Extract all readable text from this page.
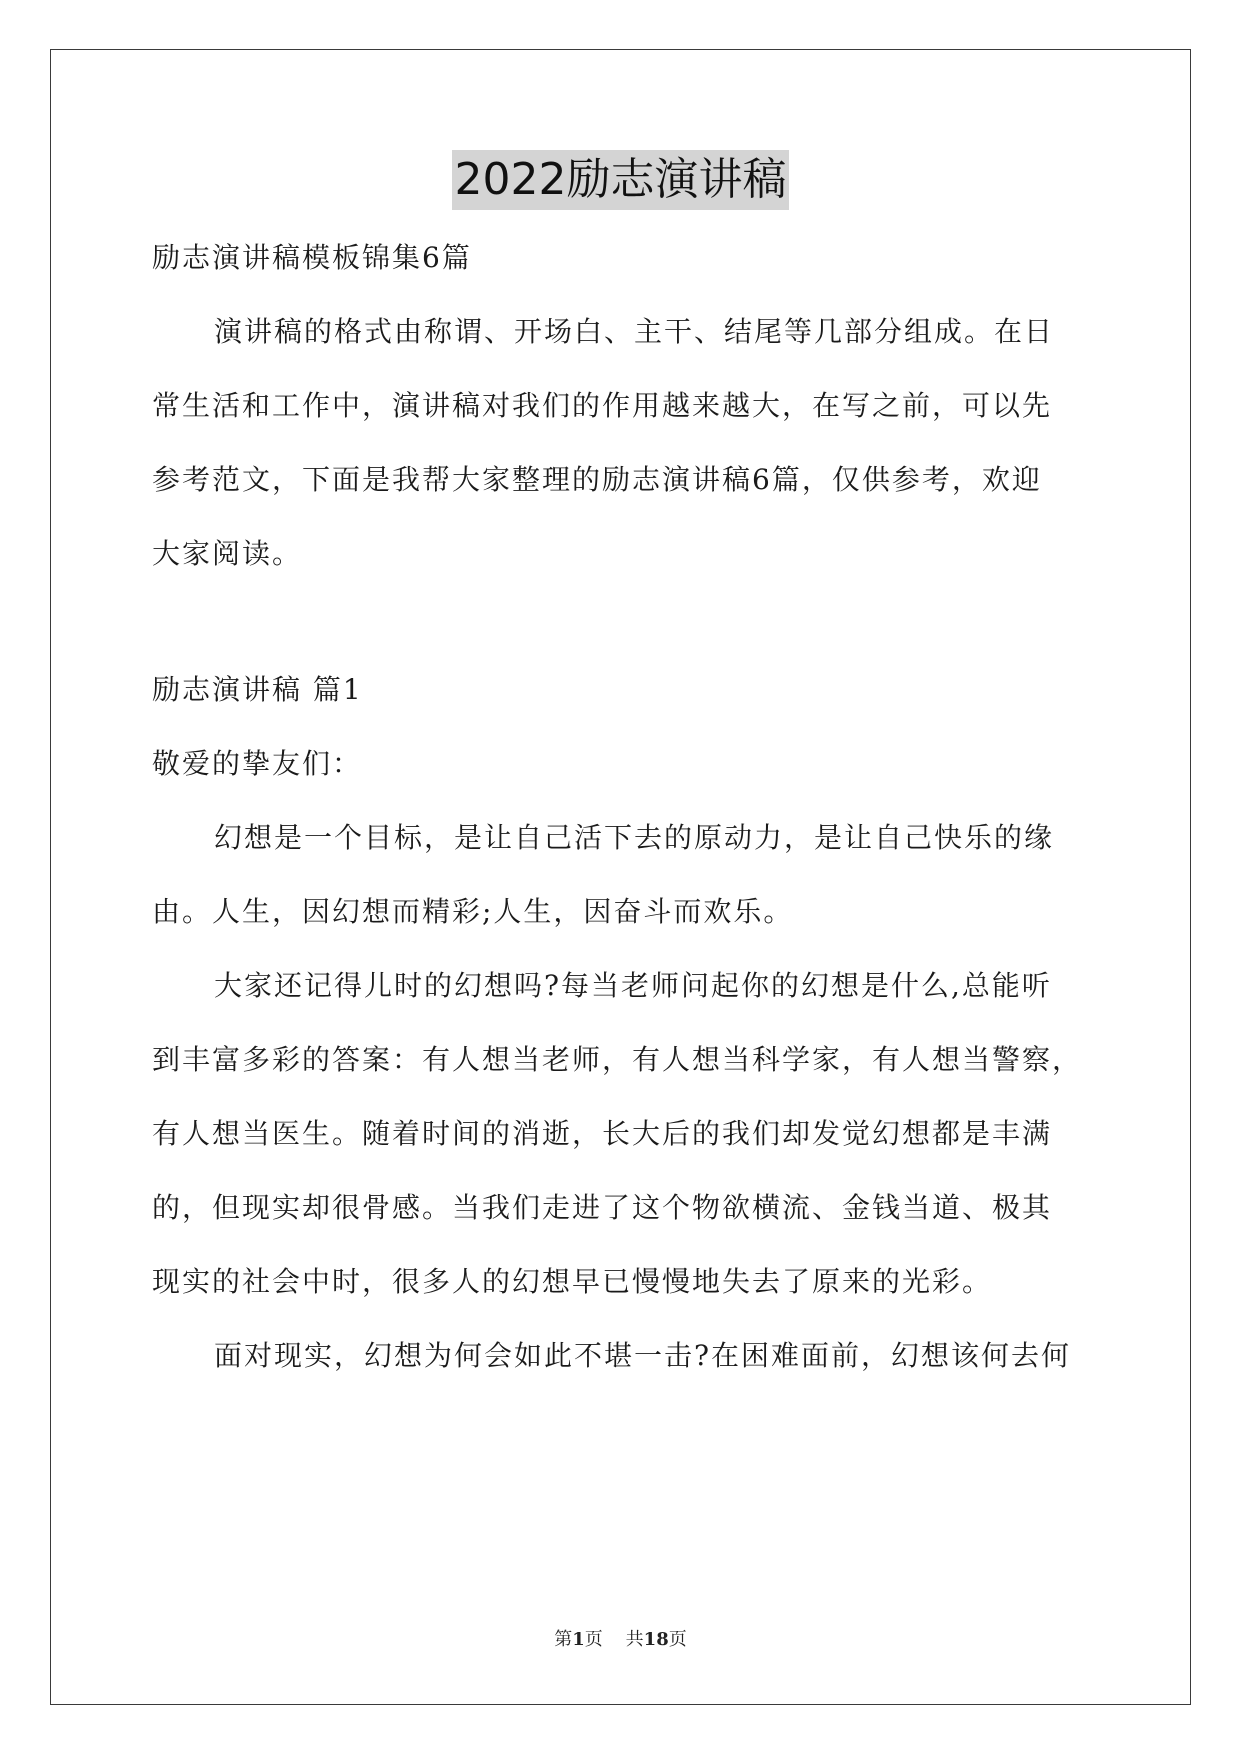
2022励志演讲稿

励志演讲稿模板锦集6篇

演讲稿的格式由称谓、开场白、主干、结尾等几部分组成。在日

常生活和工作中，演讲稿对我们的作用越来越大，在写之前，可以先

参考范文，下面是我帮大家整理的励志演讲稿6篇，仅供参考，欢迎

大家阅读。

励志演讲稿 篇1

敬爱的挚友们：

幻想是一个目标，是让自己活下去的原动力，是让自己快乐的缘

由。人生，因幻想而精彩;人生，因奋斗而欢乐。

大家还记得儿时的幻想吗?每当老师问起你的幻想是什么,总能听

到丰富多彩的答案：有人想当老师，有人想当科学家，有人想当警察，

有人想当医生。随着时间的消逝，长大后的我们却发觉幻想都是丰满

的，但现实却很骨感。当我们走进了这个物欲横流、金钱当道、极其

现实的社会中时，很多人的幻想早已慢慢地失去了原来的光彩。

面对现实，幻想为何会如此不堪一击?在困难面前，幻想该何去何

第1页 共18页
